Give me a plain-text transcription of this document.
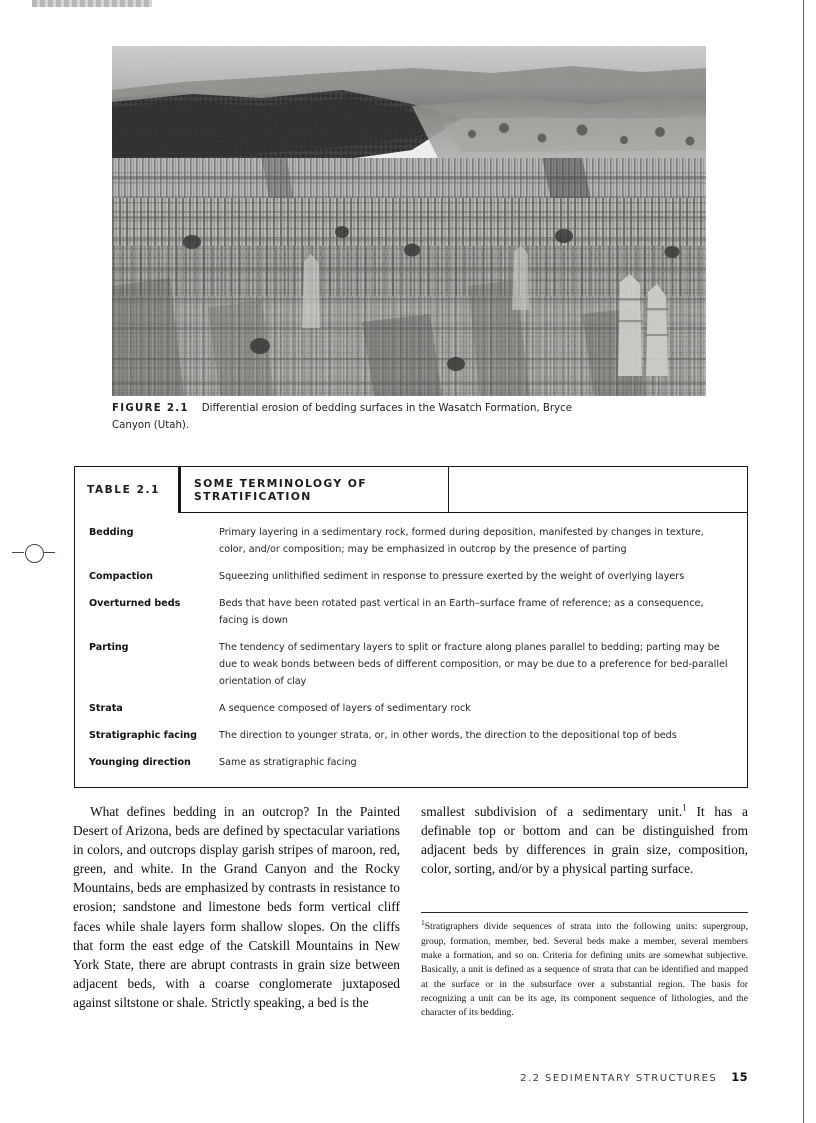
FIGURE 2.1 Differential erosion of bedding surfaces in the Wasatch Formation, Bryce Canyon (Utah).
TABLE 2.1
SOME TERMINOLOGY OF STRATIFICATION
Bedding	Primary layering in a sedimentary rock, formed during deposition, manifested by changes in texture, color, and/or composition; may be emphasized in outcrop by the presence of parting
Compaction	Squeezing unlithified sediment in response to pressure exerted by the weight of overlying layers
Overturned beds	Beds that have been rotated past vertical in an Earth–surface frame of reference; as a consequence, facing is down
Parting	The tendency of sedimentary layers to split or fracture along planes parallel to bedding; parting may be due to weak bonds between beds of different composition, or may be due to a preference for bed-parallel orientation of clay
Strata	A sequence composed of layers of sedimentary rock
Stratigraphic facing	The direction to younger strata, or, in other words, the direction to the depositional top of beds
Younging direction	Same as stratigraphic facing

What defines bedding in an outcrop? In the Painted Desert of Arizona, beds are defined by spectacular variations in colors, and outcrops display garish stripes of maroon, red, green, and white. In the Grand Canyon and the Rocky Mountains, beds are emphasized by contrasts in resistance to erosion; sandstone and limestone beds form vertical cliff faces while shale layers form shallow slopes. On the cliffs that form the east edge of the Catskill Mountains in New York State, there are abrupt contrasts in grain size between adjacent beds, with a coarse conglomerate juxtaposed against siltstone or shale. Strictly speaking, a bed is the

smallest subdivision of a sedimentary unit.$^1$ It has a definable top or bottom and can be distinguished from adjacent beds by differences in grain size, composition, color, sorting, and/or by a physical parting surface.

$^1$Stratigraphers divide sequences of strata into the following units: supergroup, group, formation, member, bed. Several beds make a member, several members make a formation, and so on. Criteria for defining units are somewhat subjective. Basically, a unit is defined as a sequence of strata that can be identified and mapped at the surface or in the subsurface over a substantial region. The basis for recognizing a unit can be its age, its component sequence of lithologies, and the character of its bedding.

2.2 SEDIMENTARY STRUCTURES 15
